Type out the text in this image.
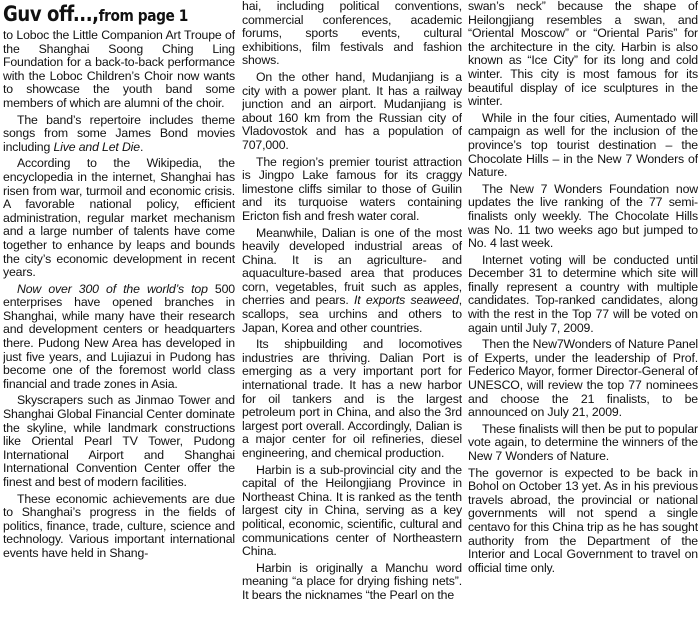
Guv off...,from page 1

to Loboc the Little Companion Art Troupe of the Shanghai Soong Ching Ling Foundation for a back-to-back performance with the Loboc Children’s Choir now wants to showcase the youth band some members of which are alumni of the choir.

The band’s repertoire includes theme songs from some James Bond movies including Live and Let Die.

According to the Wikipedia, the encyclopedia in the internet, Shanghai has risen from war, turmoil and economic crisis. A favorable national policy, efficient administration, regular market mechanism and a large number of talents have come together to enhance by leaps and bounds the city’s economic development in recent years.

Now over 300 of the world’s top 500 enterprises have opened branches in Shanghai, while many have their research and development centers or headquarters there. Pudong New Area has developed in just five years, and Lujiazui in Pudong has become one of the foremost world class financial and trade zones in Asia.

Skyscrapers such as Jinmao Tower and Shanghai Global Financial Center dominate the skyline, while landmark constructions like Oriental Pearl TV Tower, Pudong International Airport and Shanghai International Convention Center offer the finest and best of modern facilities.

These economic achievements are due to Shanghai’s progress in the fields of politics, finance, trade, culture, science and technology. Various important international events have held in Shang-

hai, including political conventions, commercial conferences, academic forums, sports events, cultural exhibitions, film festivals and fashion shows.

On the other hand, Mudanjiang is a city with a power plant. It has a railway junction and an airport. Mudanjiang is about 160 km from the Russian city of Vladovostok and has a population of 707,000.

The region’s premier tourist attraction is Jingpo Lake famous for its craggy limestone cliffs similar to those of Guilin and its turquoise waters containing Ericton fish and fresh water coral.

Meanwhile, Dalian is one of the most heavily developed industrial areas of China. It is an agriculture- and aquaculture-based area that produces corn, vegetables, fruit such as apples, cherries and pears. It exports seaweed, scallops, sea urchins and others to Japan, Korea and other countries.

Its shipbuilding and locomotives industries are thriving. Dalian Port is emerging as a very important port for international trade. It has a new harbor for oil tankers and is the largest petroleum port in China, and also the 3rd largest port overall. Accordingly, Dalian is a major center for oil refineries, diesel engineering, and chemical production.

Harbin is a sub-provincial city and the capital of the Heilongjiang Province in Northeast China. It is ranked as the tenth largest city in China, serving as a key political, economic, scientific, cultural and communications center of Northeastern China.

Harbin is originally a Manchu word meaning “a place for drying fishing nets”. It bears the nicknames “the Pearl on the

swan’s neck” because the shape of Heilongjiang resembles a swan, and “Oriental Moscow” or “Oriental Paris” for the architecture in the city. Harbin is also known as “Ice City” for its long and cold winter. This city is most famous for its beautiful display of ice sculptures in the winter.

While in the four cities, Aumentado will campaign as well for the inclusion of the province’s top tourist destination – the Chocolate Hills – in the New 7 Wonders of Nature.

The New 7 Wonders Foundation now updates the live ranking of the 77 semi-finalists only weekly. The Chocolate Hills was No. 11 two weeks ago but jumped to No. 4 last week.

Internet voting will be conducted until December 31 to determine which site will finally represent a country with multiple candidates. Top-ranked candidates, along with the rest in the Top 77 will be voted on again until July 7, 2009.

Then the New7Wonders of Nature Panel of Experts, under the leadership of Prof. Federico Mayor, former Director-General of UNESCO, will review the top 77 nominees and choose the 21 finalists, to be announced on July 21, 2009.

These finalists will then be put to popular vote again, to determine the winners of the New 7 Wonders of Nature.

The governor is expected to be back in Bohol on October 13 yet. As in his previous travels abroad, the provincial or national governments will not spend a single centavo for this China trip as he has sought authority from the Department of the Interior and Local Government to travel on official time only.
